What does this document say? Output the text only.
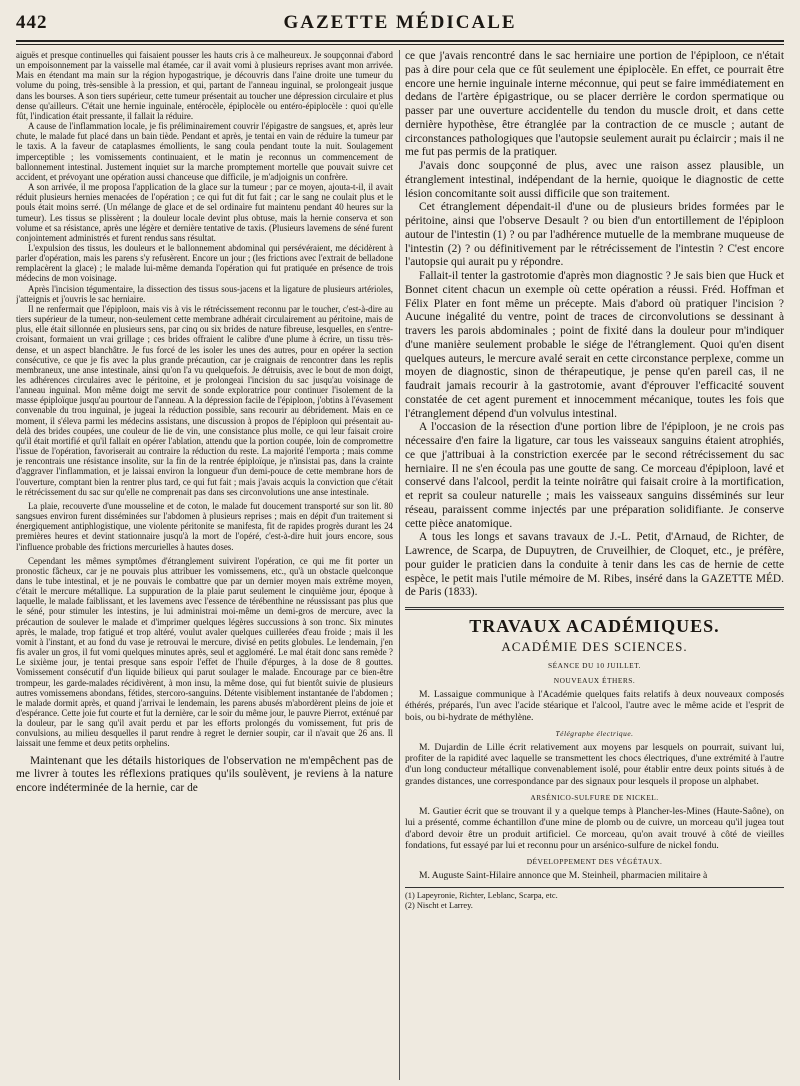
442	GAZETTE MÉDICALE

aiguës et presque continuelles qui faisaient pousser les hauts cris à ce malheureux. Je soupçonnai d'abord un empoisonnement par la vaisselle mal étamée, car il avait vomi à plusieurs reprises avant mon arrivée. Mais en étendant ma main sur la région hypogastrique, je découvris dans l'aine droite une tumeur du volume du poing, très-sensible à la pression, et qui, partant de l'anneau inguinal, se prolongeait jusque dans les bourses. A son tiers supérieur, cette tumeur présentait au toucher une dépression circulaire et plus dense qu'ailleurs. C'était une hernie inguinale, entérocèle, épiplocèle ou entéro-épiplocèle : quoi qu'elle fût, l'indication était pressante, il fallait la réduire.

A cause de l'inflammation locale, je fis préliminairement couvrir l'épigastre de sangsues, et, après leur chute, le malade fut placé dans un bain tiède. Pendant et après, je tentai en vain de réduire la tumeur par le taxis. A la faveur de cataplasmes émollients, le sang coula pendant toute la nuit. Soulagement imperceptible ; les vomissements continuaient, et le matin je reconnus un commencement de ballonnement intestinal. Justement inquiet sur la marche promptement mortelle que pouvait suivre cet accident, et prévoyant une opération aussi chanceuse que difficile, je m'adjoignis un confrère.

A son arrivée, il me proposa l'application de la glace sur la tumeur ; par ce moyen, ajouta-t-il, il avait réduit plusieurs hernies menacées de l'opération ; ce qui fut dit fut fait ; car le sang ne coulait plus et le pouls était moins serré. (Un mélange de glace et de sel ordinaire fut maintenu pendant 40 heures sur la tumeur). Les tissus se plissèrent ; la douleur locale devint plus obtuse, mais la hernie conserva et son volume et sa résistance, après une légère et dernière tentative de taxis. (Plusieurs lavemens de séné furent conjointement administrés et furent rendus sans résultat.

L'expulsion des tissus, les douleurs et le ballonnement abdominal qui persévéraient, me décidèrent à parler d'opération, mais les parens s'y refusèrent. Encore un jour ; (les frictions avec l'extrait de belladone remplacèrent la glace) ; le malade lui-même demanda l'opération qui fut pratiquée en présence de trois médecins de mon voisinage.

Après l'incision tégumentaire, la dissection des tissus sous-jacens et la ligature de plusieurs artérioles, j'atteignis et j'ouvris le sac herniaire.

Il ne renfermait que l'épiploon, mais vis à vis le rétrécissement reconnu par le toucher, c'est-à-dire au tiers supérieur de la tumeur, non-seulement cette membrane adhérait circulairement au péritoine, mais de plus, elle était sillonnée en plusieurs sens, par cinq ou six brides de nature fibreuse, lesquelles, en s'entre-croisant, formaient un vrai grillage ; ces brides offraient le calibre d'une plume à écrire, un tissu très-dense, et un aspect blanchâtre. Je fus forcé de les isoler les unes des autres, pour en opérer la section consécutive, ce que je fis avec la plus grande précaution, car je craignais de rencontrer dans les replis membraneux, une anse intestinale, ainsi qu'on l'a vu quelquefois. Je détruisis, avec le bout de mon doigt, les adhérences circulaires avec le péritoine, et je prolongeai l'incision du sac jusqu'au voisinage de l'anneau inguinal. Mon même doigt me servit de sonde exploratrice pour continuer l'isolement de la masse épiploïque jusqu'au pourtour de l'anneau. A la dépression facile de l'épiploon, j'obtins à l'évasement convenable du trou inguinal, je jugeai la réduction possible, sans recourir au débridement. Mais en ce moment, il s'éleva parmi les médecins assistans, une discussion à propos de l'épiploon qui présentait au-delà des brides coupées, une couleur de lie de vin, une consistance plus molle, ce qui leur faisait croire qu'il était mortifié et qu'il fallait en opérer l'ablation, attendu que la portion coupée, loin de compromettre l'issue de l'opération, favoriserait au contraire la réduction du reste. La majorité l'emporta ; mais comme je rencontrais une résistance insolite, sur la fin de la rentrée épiploïque, je n'insistai pas, dans la crainte d'aggraver l'inflammation, et je laissai environ la longueur d'un demi-pouce de cette membrane hors de l'ouverture, comptant bien la rentrer plus tard, ce qui fut fait ; mais j'avais acquis la conviction que c'était le rétrécissement du sac sur qu'elle ne comprenait pas dans ses circonvolutions une anse intestinale.

La plaie, recouverte d'une mousseline et de coton, le malade fut doucement transporté sur son lit. 80 sangsues environ furent disséminées sur l'abdomen à plusieurs reprises ; mais en dépit d'un traitement si énergiquement antiphlogistique, une violente péritonite se manifesta, fit de rapides progrès durant les 24 premières heures et devint stationnaire jusqu'à la mort de l'opéré, c'est-à-dire huit jours encore, sous l'influence probable des frictions mercurielles à hautes doses.

Cependant les mêmes symptômes d'étranglement suivirent l'opération, ce qui me fit porter un pronostic fâcheux, car je ne pouvais plus attribuer les vomissemens, etc., qu'à un obstacle quelconque dans le tube intestinal, et je ne pouvais le combattre que par un dernier moyen mais extrême moyen, c'était le mercure métallique. La suppuration de la plaie parut seulement le cinquième jour, époque à laquelle, le malade faiblissant, et les lavemens avec l'essence de térébenthine ne réussissant pas plus que le séné, pour stimuler les intestins, je lui administrai moi-même un demi-gros de mercure, avec la précaution de soulever le malade et d'imprimer quelques légères succussions à son tronc. Six minutes après, le malade, trop fatigué et trop altéré, voulut avaler quelques cuillerées d'eau froide ; mais il les vomit à l'instant, et au fond du vase je retrouvai le mercure, divisé en petits globules. Le lendemain, j'en fis avaler un gros, il fut vomi quelques minutes après, seul et aggloméré. Le mal était donc sans remède ? Le sixième jour, je tentai presque sans espoir l'effet de l'huile d'épurges, à la dose de 8 gouttes. Vomissement consécutif d'un liquide bilieux qui parut soulager le malade. Encourage par ce bien-être trompeur, les garde-malades récidivèrent, à mon insu, la même dose, qui fut bientôt suivie de plusieurs autres vomissemens abondans, fétides, stercoro-sanguins. Détente visiblement instantanée de l'abdomen ; le malade dormit après, et quand j'arrivai le lendemain, les parens abusés m'abordèrent pleins de joie et d'espérance. Cette joie fut courte et fut la dernière, car le soir du même jour, le pauvre Pierrot, exténué par la douleur, par le sang qu'il avait perdu et par les efforts prolongés du vomissement, fut pris de convulsions, au milieu desquelles il parut rendre à regret le dernier soupir, car il n'avait que 26 ans. Il laissait une femme et deux petits orphelins.

Maintenant que les détails historiques de l'observation ne m'empêchent pas de me livrer à toutes les réflexions pratiques qu'ils soulèvent, je reviens à la nature encore indéterminée de la hernie, car de

ce que j'avais rencontré dans le sac herniaire une portion de l'épiploon, ce n'était pas à dire pour cela que ce fût seulement une épiplocèle. En effet, ce pourrait être encore une hernie inguinale interne méconnue, qui peut se faire immédiatement en dedans de l'artère épigastrique, ou se placer derrière le cordon spermatique ou passer par une ouverture accidentelle du tendon du muscle droit, et dans cette dernière hypothèse, être étranglée par la contraction de ce muscle ; autant de circonstances pathologiques que l'autopsie seulement aurait pu éclaircir ; mais il ne me fut pas permis de la pratiquer.

J'avais donc soupçonné de plus, avec une raison assez plausible, un étranglement intestinal, indépendant de la hernie, quoique le diagnostic de cette lésion concomitante soit aussi difficile que son traitement.

Cet étranglement dépendait-il d'une ou de plusieurs brides formées par le péritoine, ainsi que l'observe Desault ? ou bien d'un entortillement de l'épiploon autour de l'intestin (1) ? ou par l'adhérence mutuelle de la membrane muqueuse de l'intestin (2) ? ou définitivement par le rétrécissement de l'intestin ? C'est encore l'autopsie qui aurait pu y répondre.

Fallait-il tenter la gastrotomie d'après mon diagnostic ? Je sais bien que Huck et Bonnet citent chacun un exemple où cette opération a réussi. Fréd. Hoffman et Félix Plater en font même un précepte. Mais d'abord où pratiquer l'incision ? Aucune inégalité du ventre, point de traces de circonvolutions se dessinant à travers les parois abdominales ; point de fixité dans la douleur pour m'indiquer d'une manière seulement probable le siége de l'étranglement. Quoi qu'en disent quelques auteurs, le mercure avalé serait en cette circonstance perplexe, comme un moyen de diagnostic, sinon de thérapeutique, je pense qu'en pareil cas, il ne faudrait jamais recourir à la gastrotomie, avant d'éprouver l'efficacité souvent constatée de cet agent purement et innocemment mécanique, toutes les fois que l'étranglement dépend d'un volvulus intestinal.

A l'occasion de la résection d'une portion libre de l'épiploon, je ne crois pas nécessaire d'en faire la ligature, car tous les vaisseaux sanguins étaient atrophiés, ce que j'attribuai à la constriction exercée par le second rétrécissement du sac herniaire. Il ne s'en écoula pas une goutte de sang. Ce morceau d'épiploon, lavé et conservé dans l'alcool, perdit la teinte noirâtre qui faisait croire à la mortification, et reprit sa couleur naturelle ; mais les vaisseaux sanguins disséminés sur leur réseau, paraissent comme injectés par une préparation solidifiante. Je conserve cette pièce anatomique.

A tous les longs et savans travaux de J.-L. Petit, d'Arnaud, de Richter, de Lawrence, de Scarpa, de Dupuytren, de Cruveilhier, de Cloquet, etc., je préfère, pour guider le praticien dans la conduite à tenir dans les cas de hernie de cette espèce, le petit mais l'utile mémoire de M. Ribes, inséré dans la GAZETTE MÉD. de Paris (1833).

TRAVAUX ACADÉMIQUES.
ACADÉMIE DES SCIENCES.
SÉANCE DU 10 JUILLET.
NOUVEAUX ÉTHERS.

M. Lassaigue communique à l'Académie quelques faits relatifs à deux nouveaux composés éthérés, préparés, l'un avec l'acide stéarique et l'alcool, l'autre avec le même acide et l'esprit de bois, ou bi-hydrate de méthylène.

Télégraphe électrique.

M. Dujardin de Lille écrit relativement aux moyens par lesquels on pourrait, suivant lui, profiter de la rapidité avec laquelle se transmettent les chocs électriques, d'une extrémité à l'autre d'un long conducteur métallique convenablement isolé, pour établir entre deux points situés à de grandes distances, une correspondance par des signaux pour lesquels il propose un alphabet.

ARSÉNICO-SULFURE DE NICKEL.

M. Gautier écrit que se trouvant il y a quelque temps à Plancher-les-Mines (Haute-Saône), on lui a présenté, comme échantillon d'une mine de plomb ou de cuivre, un morceau qu'il jugea tout d'abord devoir être un produit artificiel. Ce morceau, qu'on avait trouvé à côté de vieilles fondations, fut essayé par lui et reconnu pour un arsénico-sulfure de nickel fondu.

DÉVELOPPEMENT DES VÉGÉTAUX.

M. Auguste Saint-Hilaire annonce que M. Steinheil, pharmacien militaire à

(1) Lapeyronie, Richter, Leblanc, Scarpa, etc.

(2) Nischt et Larrey.
